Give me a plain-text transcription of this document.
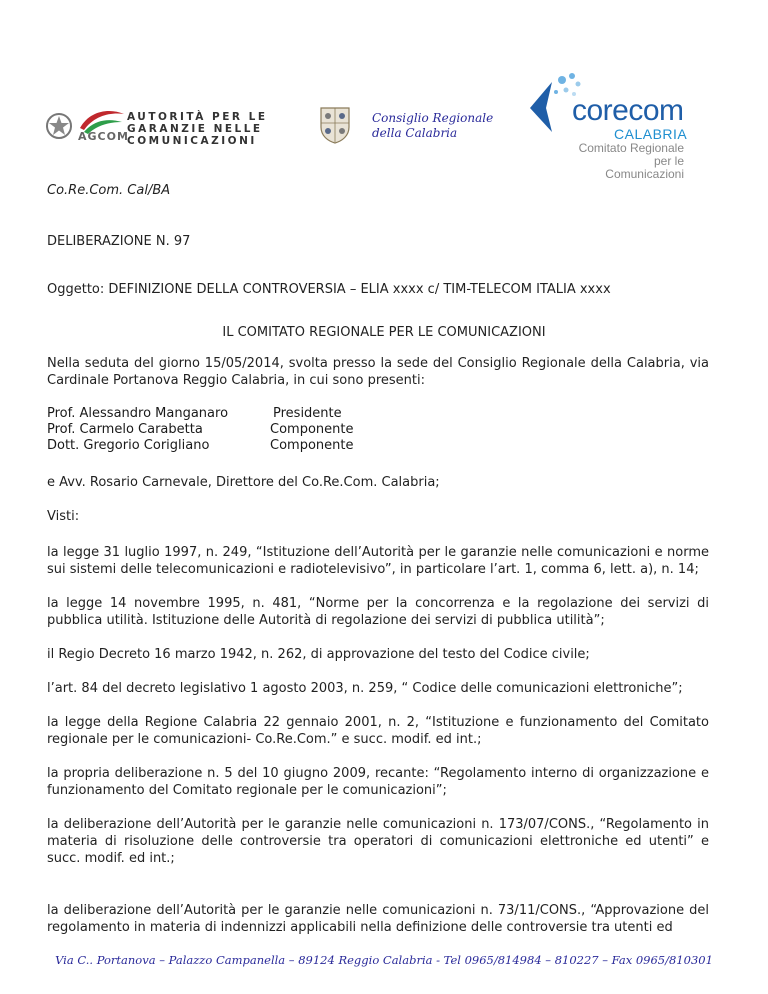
AGCOM
AUTORITÀ PER LE
GARANZIE NELLE
COMUNICAZIONI
Consiglio Regionale
della Calabria
corecom
CALABRIA
Comitato Regionale
per le Comunicazioni
Co.Re.Com. Cal/BA
DELIBERAZIONE N. 97
Oggetto: DEFINIZIONE DELLA CONTROVERSIA – ELIA xxxx c/ TIM-TELECOM ITALIA xxxx
IL COMITATO REGIONALE PER LE COMUNICAZIONI
Nella seduta del giorno 15/05/2014, svolta presso la sede del Consiglio Regionale della Calabria, via Cardinale Portanova Reggio Calabria, in cui sono presenti:
Prof. Alessandro Manganaro
Prof. Carmelo Carabetta
Dott. Gregorio Corigliano
Presidente
Componente
Componente
e Avv. Rosario Carnevale, Direttore del Co.Re.Com. Calabria;
Visti:
la legge 31 luglio 1997, n. 249, “Istituzione dell’Autorità per le garanzie nelle comunicazioni e norme sui sistemi delle telecomunicazioni e radiotelevisivo”, in particolare l’art. 1, comma 6, lett. a), n. 14;
la legge 14 novembre 1995, n. 481, “Norme per la concorrenza e la regolazione dei servizi di pubblica utilità. Istituzione delle Autorità di regolazione dei servizi di pubblica utilità”;
il Regio Decreto 16 marzo 1942, n. 262, di approvazione del testo del Codice civile;
l’art. 84 del decreto legislativo 1 agosto 2003, n. 259, “ Codice delle comunicazioni elettroniche”;
la legge della Regione Calabria 22 gennaio 2001, n. 2, “Istituzione e funzionamento del Comitato regionale per le comunicazioni- Co.Re.Com.” e succ. modif. ed int.;
la propria deliberazione n. 5 del 10 giugno 2009, recante: “Regolamento interno di organizzazione e funzionamento del Comitato regionale per le comunicazioni”;
la deliberazione dell’Autorità per le garanzie nelle comunicazioni n. 173/07/CONS., “Regolamento in materia di risoluzione delle controversie tra operatori di comunicazioni elettroniche ed utenti” e succ. modif. ed int.;
la deliberazione dell’Autorità per le garanzie nelle comunicazioni n. 73/11/CONS., “Approvazione del regolamento in materia di indennizzi applicabili nella definizione delle controversie tra utenti ed
Via C.. Portanova – Palazzo Campanella – 89124 Reggio Calabria - Tel 0965/814984 – 810227 – Fax 0965/810301
